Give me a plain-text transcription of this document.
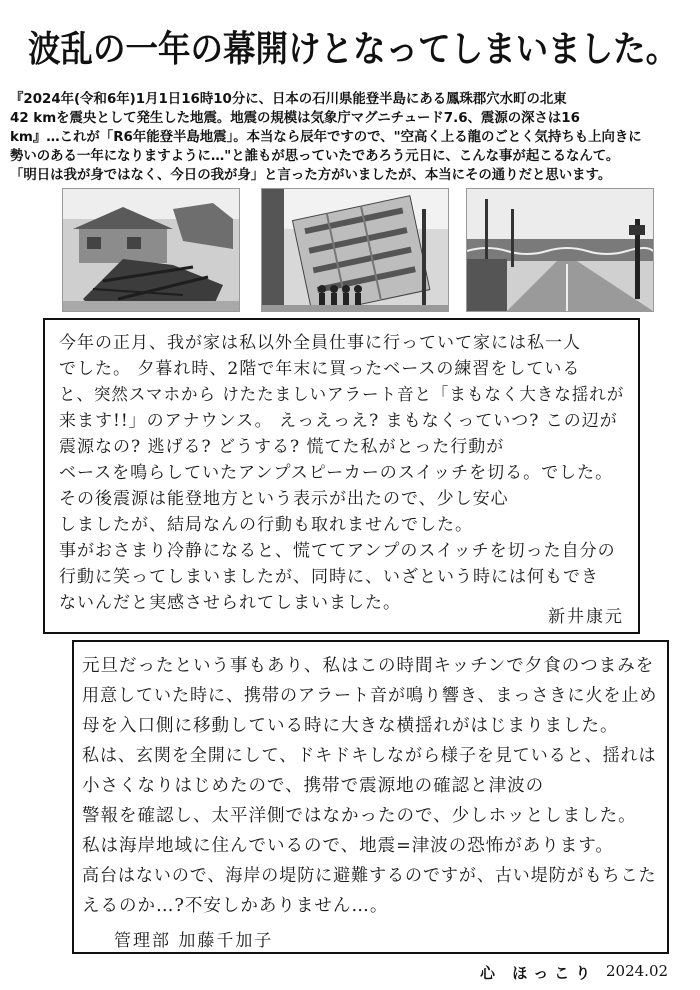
波乱の一年の幕開けとなってしまいました。

『2024年(令和6年)1月1日16時10分に、日本の石川県能登半島にある鳳珠郡穴水町の北東

42 kmを震央として発生した地震。地震の規模は気象庁マグニチュード7.6、震源の深さは16

km』…これが「R6年能登半島地震」。本当なら辰年ですので、"空高く上る龍のごとく気持ちも上向きに

勢いのある一年になりますように…"と誰もが思っていたであろう元日に、こんな事が起こるなんて。

「明日は我が身ではなく、今日の我が身」と言った方がいましたが、本当にその通りだと思います。

今年の正月、我が家は私以外全員仕事に行っていて家には私一人
でした。 夕暮れ時、2階で年末に買ったベースの練習をしている
と、突然スマホから けたたましいアラート音と「まもなく大きな揺れが
来ます!!」のアナウンス。 えっえっえ? まもなくっていつ? この辺が
震源なの? 逃げる? どうする? 慌てた私がとった行動が
ベースを鳴らしていたアンプスピーカーのスイッチを切る。でした。
その後震源は能登地方という表示が出たので、少し安心
しましたが、結局なんの行動も取れませんでした。
事がおさまり冷静になると、慌ててアンプのスイッチを切った自分の
行動に笑ってしまいましたが、同時に、いざという時には何もでき
ないんだと実感させられてしまいました。
新井康元
元旦だったという事もあり、私はこの時間キッチンで夕食のつまみを
用意していた時に、携帯のアラート音が鳴り響き、まっさきに火を止め
母を入口側に移動している時に大きな横揺れがはじまりました。
私は、玄関を全開にして、ドキドキしながら様子を見ていると、揺れは
小さくなりはじめたので、携帯で震源地の確認と津波の
警報を確認し、太平洋側ではなかったので、少しホッとしました。
私は海岸地域に住んでいるので、地震=津波の恐怖があります。
高台はないので、海岸の堤防に避難するのですが、古い堤防がもちこた
えるのか…?不安しかありません…。
管理部 加藤千加子
心 ほっこり 2024.02
